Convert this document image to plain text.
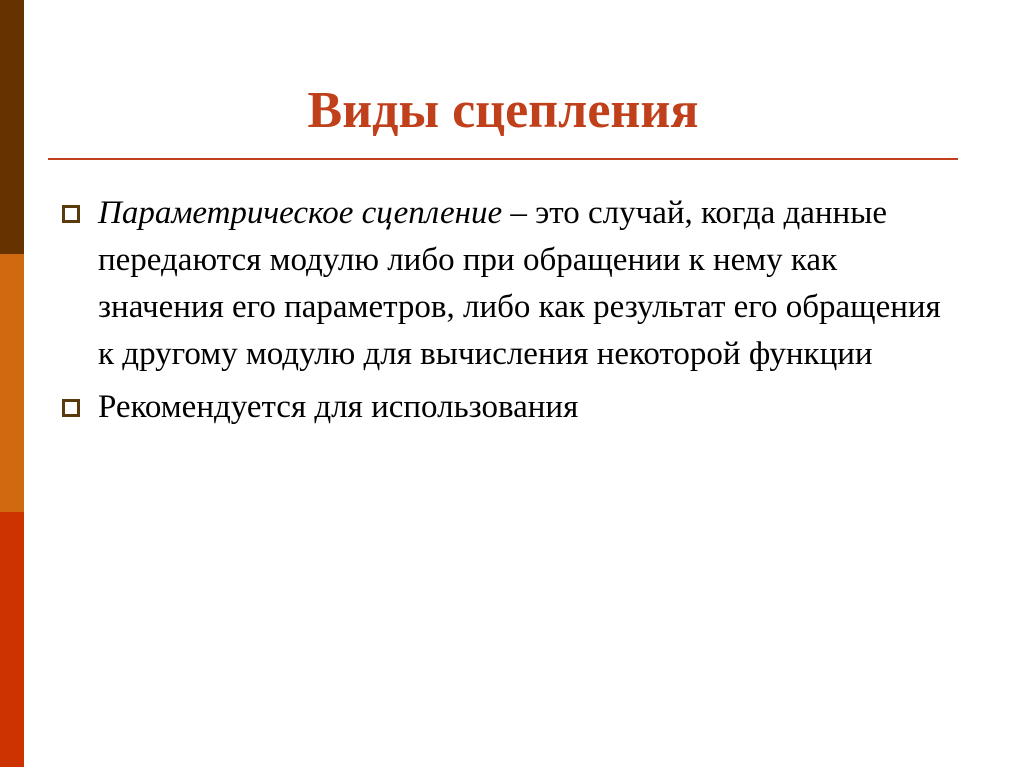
Виды сцепления
Параметрическое сцепление – это случай, когда данные передаются модулю либо при обращении к нему как значения его параметров, либо как результат его обращения к другому модулю для вычисления некоторой функции
Рекомендуется для использования
